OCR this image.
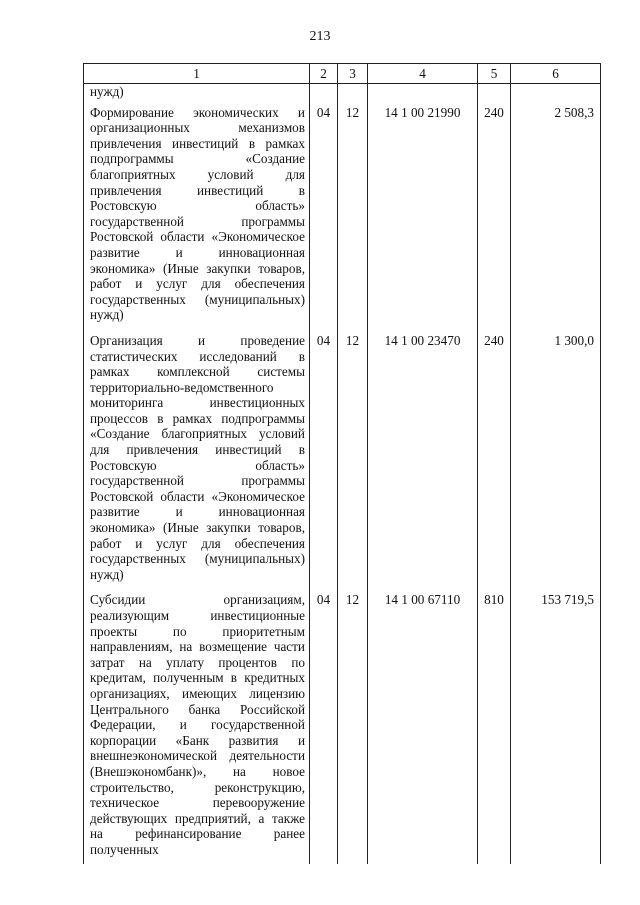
213
1	2	3	4	5	6
нужд)					
Формирование экономических и организационных механизмов привлечения инвестиций в рамках подпрограммы «Создание благоприятных условий для привлечения инвестиций в Ростовскую область» государственной программы Ростовской области «Экономическое развитие и инновационная экономика» (Иные закупки товаров, работ и услуг для обеспечения государственных (муниципальных) нужд)	04	12	14 1 00 21990	240	2 508,3
Организация и проведение статистических исследований в рамках комплексной системы территориально-ведомственного мониторинга инвестиционных процессов в рамках подпрограммы «Создание благоприятных условий для привлечения инвестиций в Ростовскую область» государственной программы Ростовской области «Экономическое развитие и инновационная экономика» (Иные закупки товаров, работ и услуг для обеспечения государственных (муниципальных) нужд)	04	12	14 1 00 23470	240	1 300,0
Субсидии организациям, реализующим инвестиционные проекты по приоритетным направлениям, на возмещение части затрат на уплату процентов по кредитам, полученным в кредитных организациях, имеющих лицензию Центрального банка Российской Федерации, и государственной корпорации «Банк развития и внешнеэкономической деятельности (Внешэкономбанк)», на новое строительство, реконструкцию, техническое перевооружение действующих предприятий, а также на рефинансирование ранее полученных	04	12	14 1 00 67110	810	153 719,5
